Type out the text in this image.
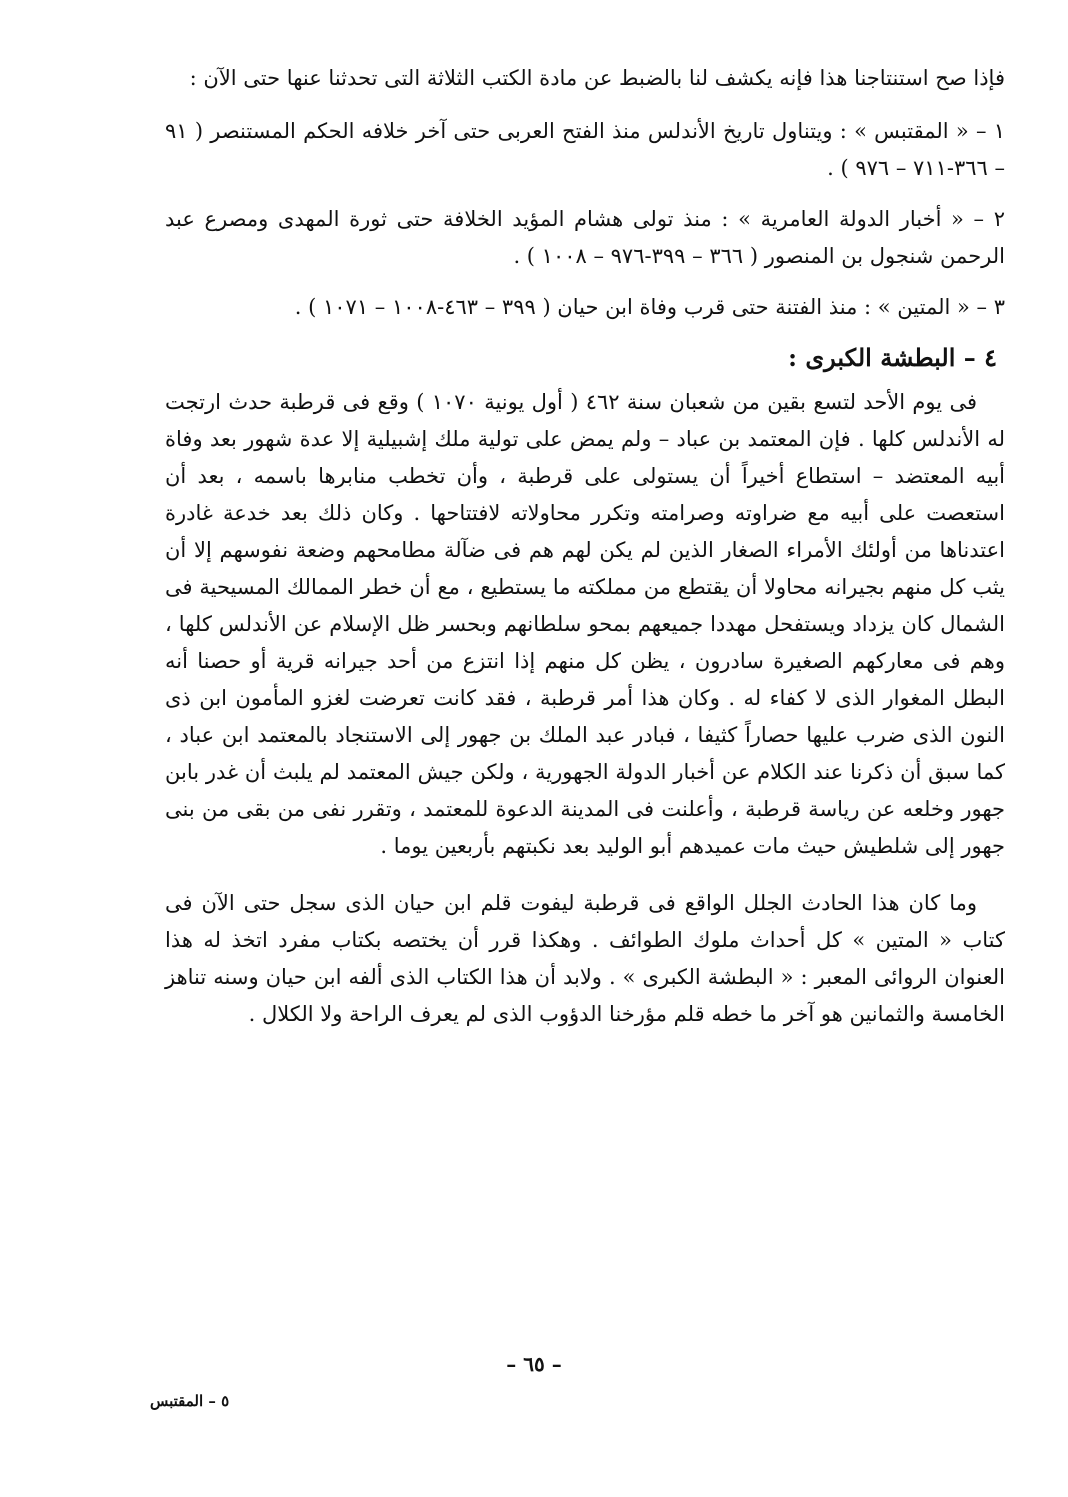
فإذا صح استنتاجنا هذا فإنه يكشف لنا بالضبط عن مادة الكتب الثلاثة التى تحدثنا عنها حتى الآن :

١ – « المقتبس » : ويتناول تاريخ الأندلس منذ الفتح العربى حتى آخر خلافه الحكم المستنصر ( ٩١ – ٣٦٦-٧١١ – ٩٧٦ ) .

٢ – « أخبار الدولة العامرية » : منذ تولى هشام المؤيد الخلافة حتى ثورة المهدى ومصرع عبد الرحمن شنجول بن المنصور ( ٣٦٦ – ٣٩٩-٩٧٦ – ١٠٠٨ ) .

٣ – « المتين » : منذ الفتنة حتى قرب وفاة ابن حيان ( ٣٩٩ – ٤٦٣-١٠٠٨ – ١٠٧١ ) .

٤ – البطشة الكبرى :

فى يوم الأحد لتسع بقين من شعبان سنة ٤٦٢ ( أول يونية ١٠٧٠ ) وقع فى قرطبة حدث ارتجت له الأندلس كلها . فإن المعتمد بن عباد – ولم يمض على تولية ملك إشبيلية إلا عدة شهور بعد وفاة أبيه المعتضد – استطاع أخيراً أن يستولى على قرطبة ، وأن تخطب منابرها باسمه ، بعد أن استعصت على أبيه مع ضراوته وصرامته وتكرر محاولاته لافتتاحها . وكان ذلك بعد خدعة غادرة اعتدناها من أولئك الأمراء الصغار الذين لم يكن لهم هم فى ضآلة مطامحهم وضعة نفوسهم إلا أن يثب كل منهم بجيرانه محاولا أن يقتطع من مملكته ما يستطيع ، مع أن خطر الممالك المسيحية فى الشمال كان يزداد ويستفحل مهددا جميعهم بمحو سلطانهم وبحسر ظل الإسلام عن الأندلس كلها ، وهم فى معاركهم الصغيرة سادرون ، يظن كل منهم إذا انتزع من أحد جيرانه قرية أو حصنا أنه البطل المغوار الذى لا كفاء له . وكان هذا أمر قرطبة ، فقد كانت تعرضت لغزو المأمون ابن ذى النون الذى ضرب عليها حصاراً كثيفا ، فبادر عبد الملك بن جهور إلى الاستنجاد بالمعتمد ابن عباد ، كما سبق أن ذكرنا عند الكلام عن أخبار الدولة الجهورية ، ولكن جيش المعتمد لم يلبث أن غدر بابن جهور وخلعه عن رياسة قرطبة ، وأعلنت فى المدينة الدعوة للمعتمد ، وتقرر نفى من بقى من بنى جهور إلى شلطيش حيث مات عميدهم أبو الوليد بعد نكبتهم بأربعين يوما .

وما كان هذا الحادث الجلل الواقع فى قرطبة ليفوت قلم ابن حيان الذى سجل حتى الآن فى كتاب « المتين » كل أحداث ملوك الطوائف . وهكذا قرر أن يختصه بكتاب مفرد اتخذ له هذا العنوان الروائى المعبر : « البطشة الكبرى » . ولابد أن هذا الكتاب الذى ألفه ابن حيان وسنه تناهز الخامسة والثمانين هو آخر ما خطه قلم مؤرخنا الدؤوب الذى لم يعرف الراحة ولا الكلال .

– ٦٥ –
٥ – المقتبس
